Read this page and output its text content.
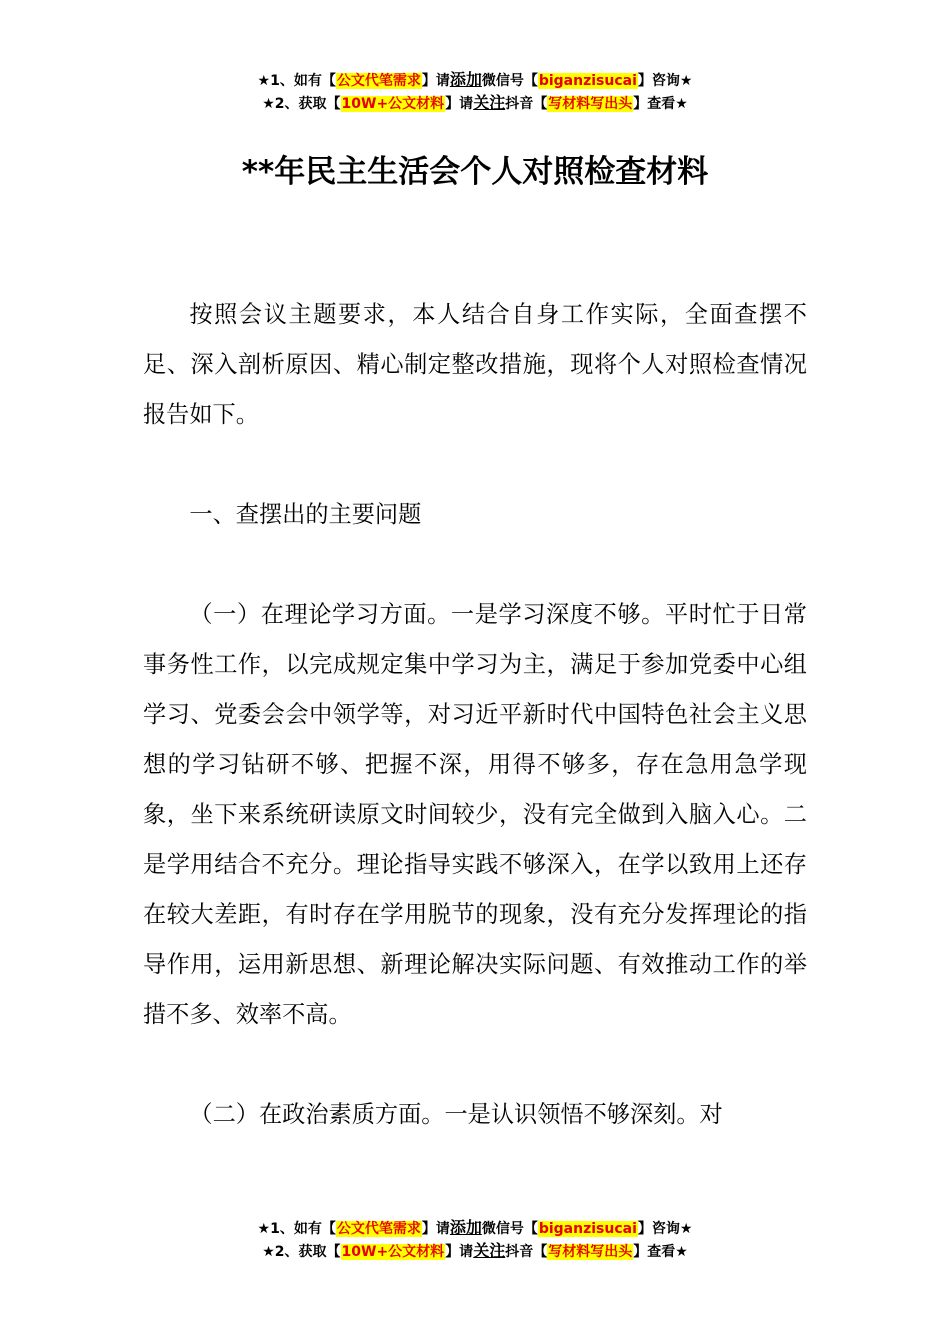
★1、如有【公文代笔需求】请添加微信号【biganzisucai】咨询★
★2、获取【10W+公文材料】请关注抖音【写材料写出头】查看★
**年民主生活会个人对照检查材料

按照会议主题要求，本人结合自身工作实际，全面查摆不足、深入剖析原因、精心制定整改措施，现将个人对照检查情况报告如下。

一、查摆出的主要问题

（一）在理论学习方面。一是学习深度不够。平时忙于日常事务性工作，以完成规定集中学习为主，满足于参加党委中心组学习、党委会会中领学等，对习近平新时代中国特色社会主义思想的学习钻研不够、把握不深，用得不够多，存在急用急学现象，坐下来系统研读原文时间较少，没有完全做到入脑入心。二是学用结合不充分。理论指导实践不够深入，在学以致用上还存在较大差距，有时存在学用脱节的现象，没有充分发挥理论的指导作用，运用新思想、新理论解决实际问题、有效推动工作的举措不多、效率不高。

（二）在政治素质方面。一是认识领悟不够深刻。对

★1、如有【公文代笔需求】请添加微信号【biganzisucai】咨询★
★2、获取【10W+公文材料】请关注抖音【写材料写出头】查看★
